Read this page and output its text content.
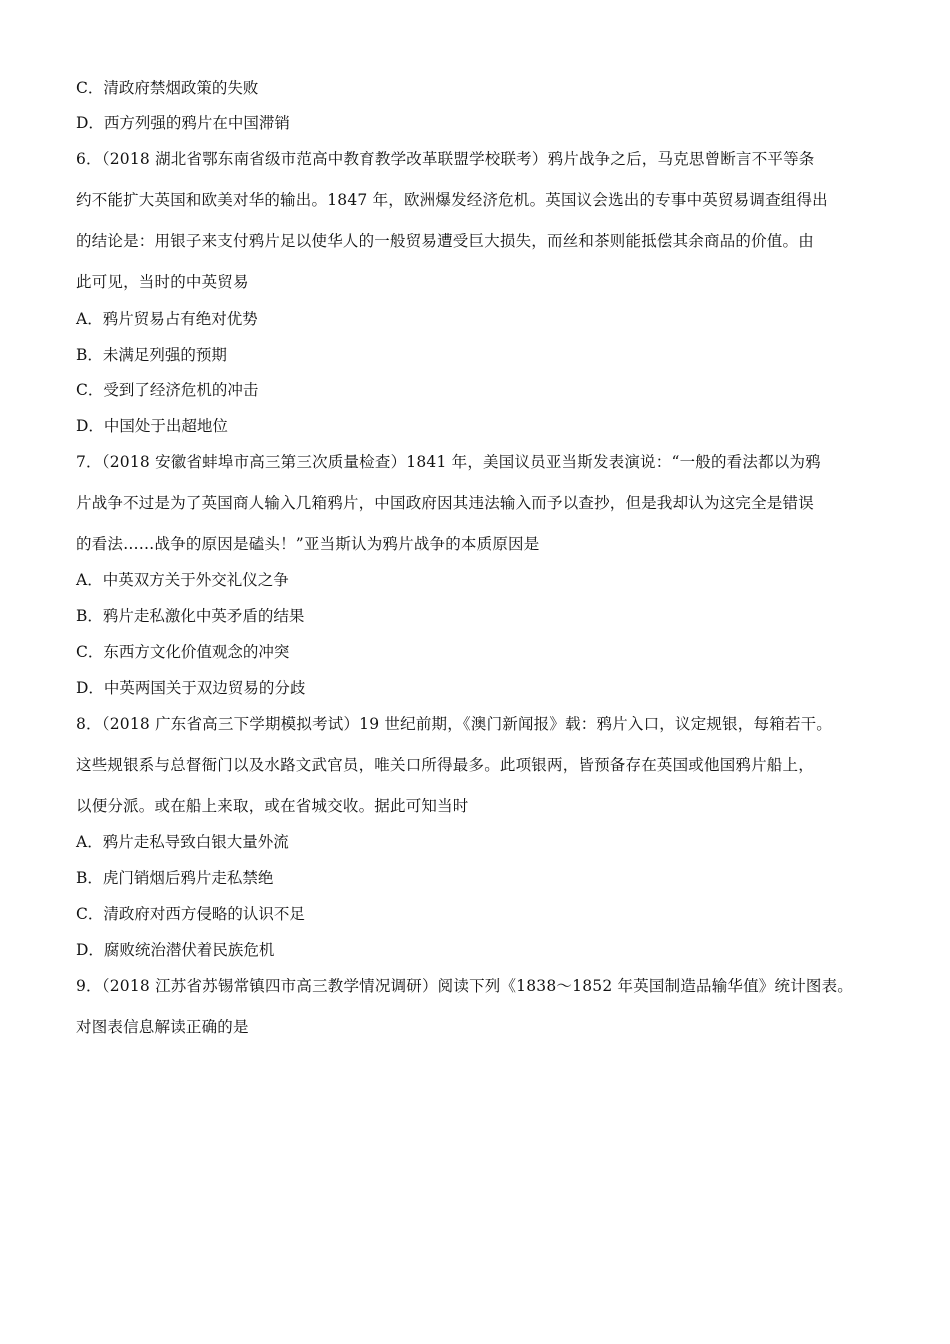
C．清政府禁烟政策的失败
D．西方列强的鸦片在中国滞销
6．（2018 湖北省鄂东南省级市范高中教育教学改革联盟学校联考）鸦片战争之后，马克思曾断言不平等条
约不能扩大英国和欧美对华的输出。1847 年，欧洲爆发经济危机。英国议会选出的专事中英贸易调查组得出
的结论是：用银子来支付鸦片足以使华人的一般贸易遭受巨大损失，而丝和茶则能抵偿其余商品的价值。由
此可见，当时的中英贸易
A．鸦片贸易占有绝对优势
B．未满足列强的预期
C．受到了经济危机的冲击
D．中国处于出超地位
7．（2018 安徽省蚌埠市高三第三次质量检查）1841 年，美国议员亚当斯发表演说：“一般的看法都以为鸦
片战争不过是为了英国商人输入几箱鸦片，中国政府因其违法输入而予以查抄，但是我却认为这完全是错误
的看法……战争的原因是磕头！”亚当斯认为鸦片战争的本质原因是
A．中英双方关于外交礼仪之争
B．鸦片走私激化中英矛盾的结果
C．东西方文化价值观念的冲突
D．中英两国关于双边贸易的分歧
8．（2018 广东省高三下学期模拟考试）19 世纪前期，《澳门新闻报》载：鸦片入口，议定规银，每箱若干。
这些规银系与总督衙门以及水路文武官员，唯关口所得最多。此项银两，皆预备存在英国或他国鸦片船上，
以便分派。或在船上来取，或在省城交收。据此可知当时
A．鸦片走私导致白银大量外流
B．虎门销烟后鸦片走私禁绝
C．清政府对西方侵略的认识不足
D．腐败统治潜伏着民族危机
9．（2018 江苏省苏锡常镇四市高三教学情况调研）阅读下列《1838～1852 年英国制造品输华值》统计图表。
对图表信息解读正确的是
